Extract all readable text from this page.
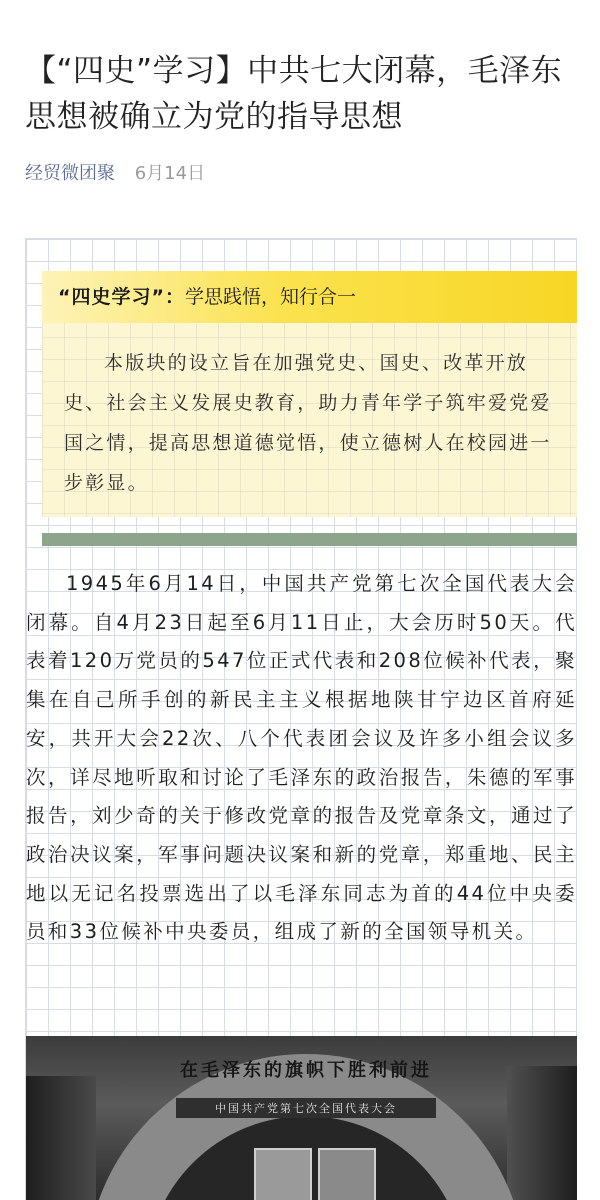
【“四史”学习】中共七大闭幕，毛泽东思想被确立为党的指导思想
经贸微团聚 6月14日
“四史学习”：学思践悟，知行合一

本版块的设立旨在加强党史、国史、改革开放史、社会主义发展史教育，助力青年学子筑牢爱党爱国之情，提高思想道德觉悟，使立德树人在校园进一步彰显。

1945年6月14日，中国共产党第七次全国代表大会闭幕。自4月23日起至6月11日止，大会历时50天。代表着120万党员的547位正式代表和208位候补代表，聚集在自己所手创的新民主主义根据地陕甘宁边区首府延安，共开大会22次、八个代表团会议及许多小组会议多次，详尽地听取和讨论了毛泽东的政治报告，朱德的军事报告，刘少奇的关于修改党章的报告及党章条文，通过了政治决议案，军事问题决议案和新的党章，郑重地、民主地以无记名投票选出了以毛泽东同志为首的44位中央委员和33位候补中央委员，组成了新的全国领导机关。

在毛泽东的旗帜下胜利前进
中国共产党第七次全国代表大会
